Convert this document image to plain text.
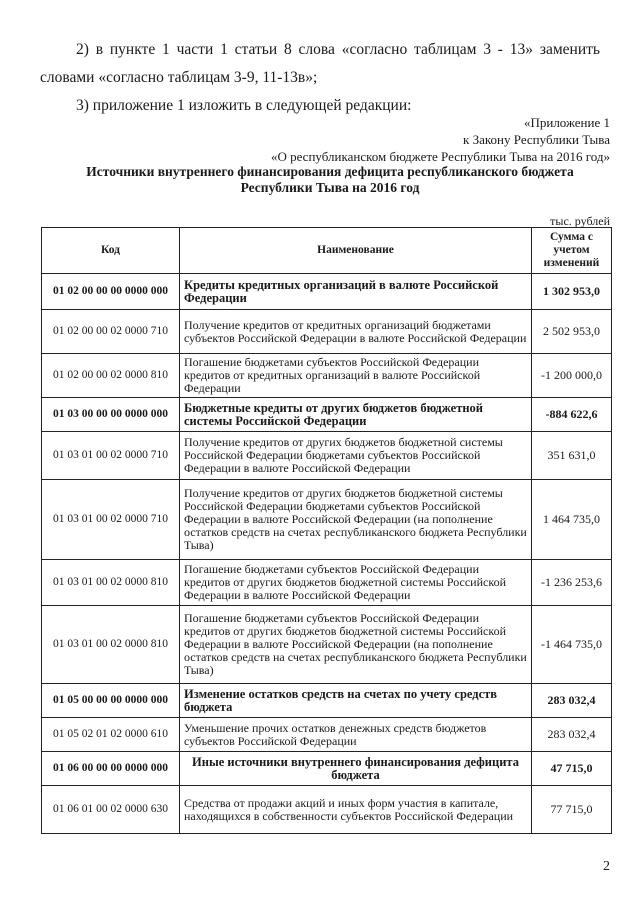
2) в пункте 1 части 1 статьи 8 слова «согласно таблицам 3 - 13» заменить словами «согласно таблицам 3-9, 11-13в»;
3) приложение 1 изложить в следующей редакции:
«Приложение 1
к Закону Республики Тыва
«О республиканском бюджете Республики Тыва на 2016 год»
Источники внутреннего финансирования дефицита республиканского бюджета
Республики Тыва на 2016 год
тыс. рублей
Код	Наименование	Сумма с учетом изменений
01 02 00 00 00 0000 000	Кредиты кредитных организаций в валюте Российской Федерации	1 302 953,0
01 02 00 00 02 0000 710	Получение кредитов от кредитных организаций бюджетами субъектов Российской Федерации в валюте Российской Федерации	2 502 953,0
01 02 00 00 02 0000 810	Погашение бюджетами субъектов Российской Федерации кредитов от кредитных организаций в валюте Российской Федерации	-1 200 000,0
01 03 00 00 00 0000 000	Бюджетные кредиты от других бюджетов бюджетной системы Российской Федерации	-884 622,6
01 03 01 00 02 0000 710	Получение кредитов от других бюджетов бюджетной системы Российской Федерации бюджетами субъектов Российской Федерации в валюте Российской Федерации	351 631,0
01 03 01 00 02 0000 710	Получение кредитов от других бюджетов бюджетной системы Российской Федерации бюджетами субъектов Российской Федерации в валюте Российской Федерации (на пополнение остатков средств на счетах республиканского бюджета Республики Тыва)	1 464 735,0
01 03 01 00 02 0000 810	Погашение бюджетами субъектов Российской Федерации кредитов от других бюджетов бюджетной системы Российской Федерации в валюте Российской Федерации	-1 236 253,6
01 03 01 00 02 0000 810	Погашение бюджетами субъектов Российской Федерации кредитов от других бюджетов бюджетной системы Российской Федерации в валюте Российской Федерации (на пополнение остатков средств на счетах республиканского бюджета Республики Тыва)	-1 464 735,0
01 05 00 00 00 0000 000	Изменение остатков средств на счетах по учету средств бюджета	283 032,4
01 05 02 01 02 0000 610	Уменьшение прочих остатков денежных средств бюджетов субъектов Российской Федерации	283 032,4
01 06 00 00 00 0000 000	Иные источники внутреннего финансирования дефицита бюджета	47 715,0
01 06 01 00 02 0000 630	Средства от продажи акций и иных форм участия в капитале, находящихся в собственности субъектов Российской Федерации	77 715,0
2
